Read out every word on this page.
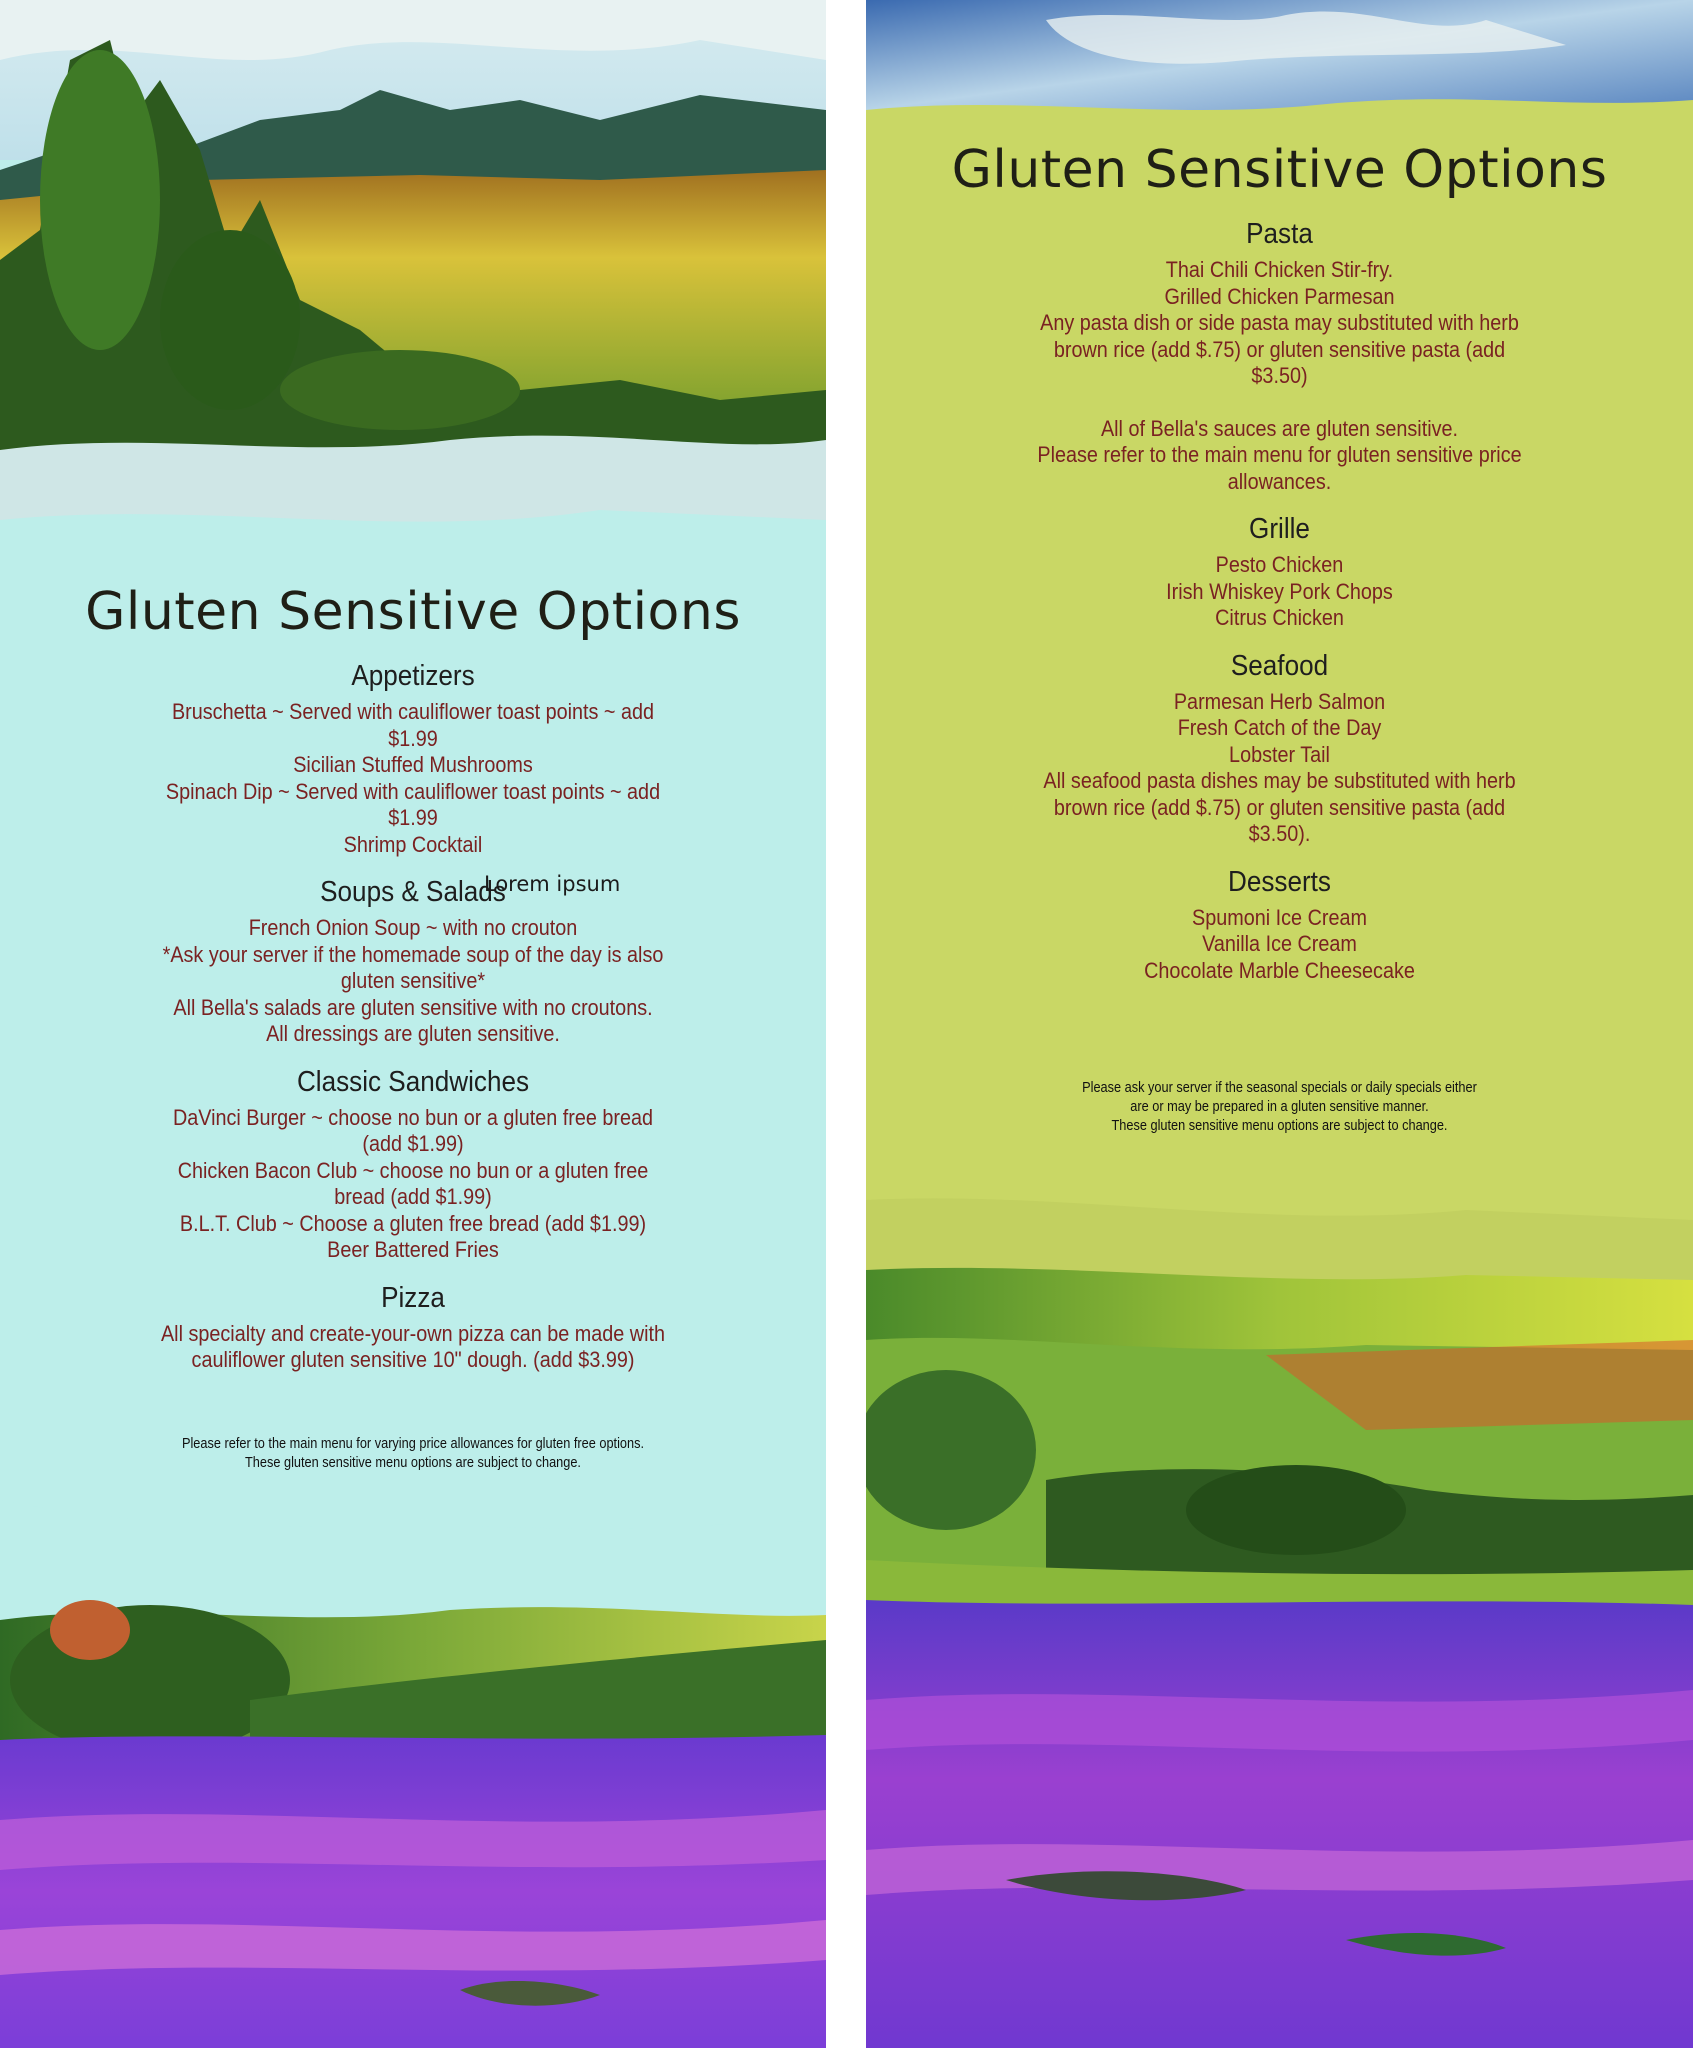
Gluten Sensitive Options
Appetizers
Bruschetta ~ Served with cauliflower toast points ~ add
$1.99
Sicilian Stuffed Mushrooms
Spinach Dip ~ Served with cauliflower toast points ~ add
$1.99
Shrimp Cocktail
Soups & Salads
French Onion Soup ~ with no crouton
*Ask your server if the homemade soup of the day is also
gluten sensitive*
All Bella's salads are gluten sensitive with no croutons.
All dressings are gluten sensitive.
Classic Sandwiches
DaVinci Burger ~ choose no bun or a gluten free bread
(add $1.99)
Chicken Bacon Club ~ choose no bun or a gluten free
bread (add $1.99)
B.L.T. Club ~ Choose a gluten free bread (add $1.99)
Beer Battered Fries
Pizza
All specialty and create-your-own pizza can be made with
cauliflower gluten sensitive 10" dough. (add $3.99)
Please refer to the main menu for varying price allowances for gluten free options.
These gluten sensitive menu options are subject to change.
Lorem ipsum
Gluten Sensitive Options
Pasta
Thai Chili Chicken Stir-fry.
Grilled Chicken Parmesan
Any pasta dish or side pasta may substituted with herb
brown rice (add $.75) or gluten sensitive pasta (add
$3.50)
All of Bella's sauces are gluten sensitive.
Please refer to the main menu for gluten sensitive price
allowances.
Grille
Pesto Chicken
Irish Whiskey Pork Chops
Citrus Chicken
Seafood
Parmesan Herb Salmon
Fresh Catch of the Day
Lobster Tail
All seafood pasta dishes may be substituted with herb
brown rice (add $.75) or gluten sensitive pasta (add
$3.50).
Desserts
Spumoni Ice Cream
Vanilla Ice Cream
Chocolate Marble Cheesecake
Please ask your server if the seasonal specials or daily specials either
are or may be prepared in a gluten sensitive manner.
These gluten sensitive menu options are subject to change.
